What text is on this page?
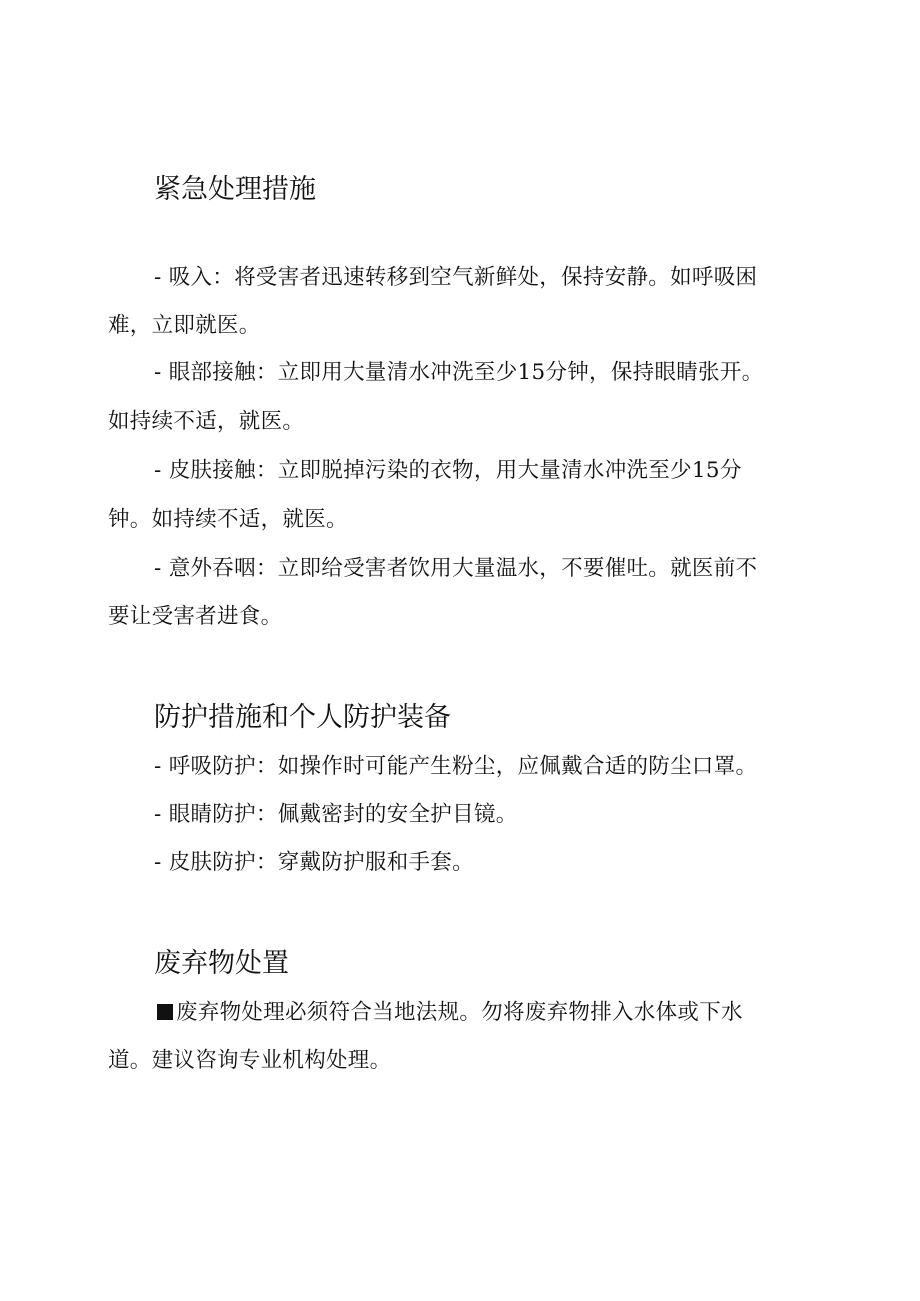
紧急处理措施

- 吸入：将受害者迅速转移到空气新鲜处，保持安静。如呼吸困

难，立即就医。

- 眼部接触：立即用大量清水冲洗至少15分钟，保持眼睛张开。

如持续不适，就医。

- 皮肤接触：立即脱掉污染的衣物，用大量清水冲洗至少15分

钟。如持续不适，就医。

- 意外吞咽：立即给受害者饮用大量温水，不要催吐。就医前不

要让受害者进食。

防护措施和个人防护装备

- 呼吸防护：如操作时可能产生粉尘，应佩戴合适的防尘口罩。

- 眼睛防护：佩戴密封的安全护目镜。

- 皮肤防护：穿戴防护服和手套。

废弃物处置

废弃物处理必须符合当地法规。勿将废弃物排入水体或下水

道。建议咨询专业机构处理。
